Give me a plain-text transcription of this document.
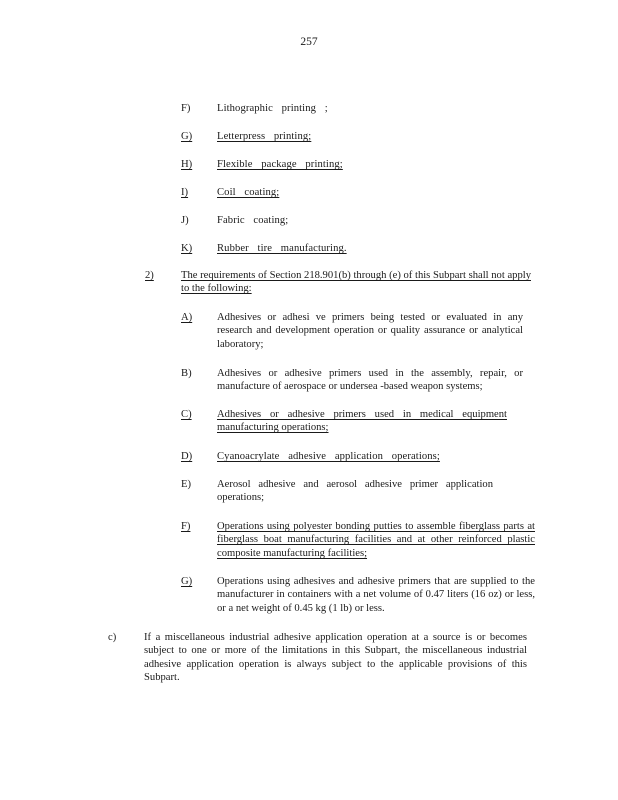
257
F)	Lithographic printing ;
G) Letterpress printing;
H) Flexible package printing;
I)	Coil coating;
J)	Fabric coating;
K) Rubber tire manufacturing.
2)	The requirements of Section 218.901(b) through (e) of this Subpart shall not apply to the following:
A) Adhesives or adhesi ve primers being tested or evaluated in any research and development operation or quality assurance or analytical laboratory;
B) Adhesives or adhesive primers used in the assembly, repair, or manufacture of aerospace or undersea -based weapon systems;
C) Adhesives or adhesive primers used in medical equipment manufacturing operations;
D) Cyanoacrylate adhesive application operations;
E) Aerosol adhesive and aerosol adhesive primer application operations;
F)	Operations using polyester bonding putties to assemble fiberglass parts at fiberglass boat manufacturing facilities and at other reinforced plastic composite manufacturing facilities;
G) Operations using adhesives and adhesive primers that are supplied to the manufacturer in containers with a net volume of 0.47 liters (16 oz) or less, or a net weight of 0.45 kg (1 lb) or less.
c)	If a miscellaneous industrial adhesive application operation at a source is or becomes subject to one or more of the limitations in this Subpart, the miscellaneous industrial adhesive application operation is always subject to the applicable provisions of this Subpart.
